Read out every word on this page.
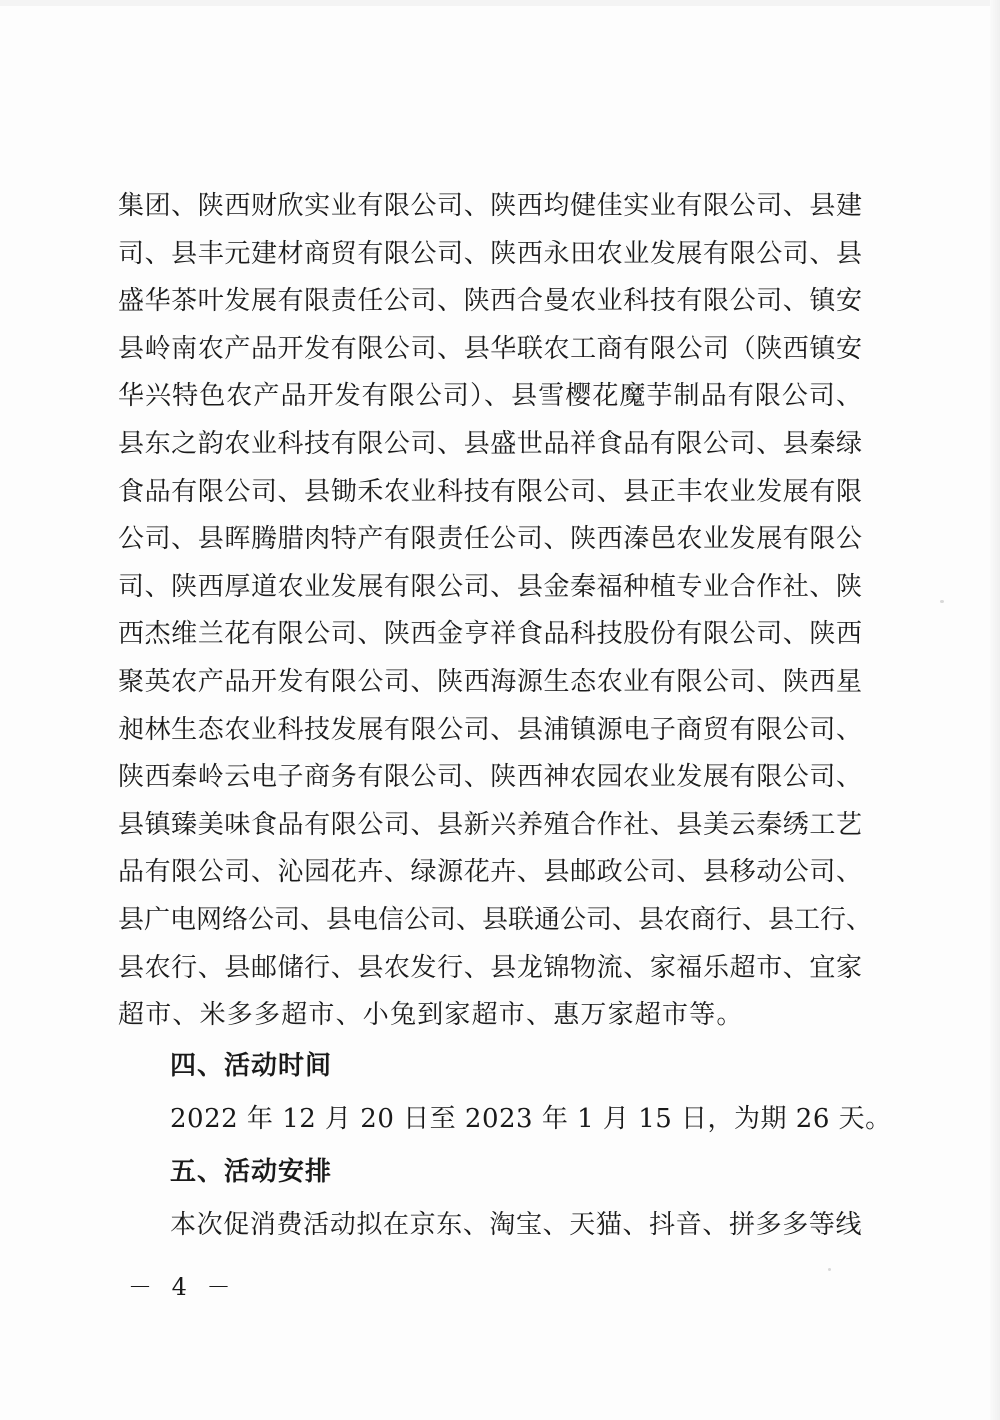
集团、陕西财欣实业有限公司、陕西均健佳实业有限公司、县建
司、县丰元建材商贸有限公司、陕西永田农业发展有限公司、县
盛华茶叶发展有限责任公司、陕西合曼农业科技有限公司、镇安
县岭南农产品开发有限公司、县华联农工商有限公司（陕西镇安
华兴特色农产品开发有限公司）、县雪樱花魔芋制品有限公司、
县东之韵农业科技有限公司、县盛世品祥食品有限公司、县秦绿
食品有限公司、县锄禾农业科技有限公司、县正丰农业发展有限
公司、县晖腾腊肉特产有限责任公司、陕西溱邑农业发展有限公
司、陕西厚道农业发展有限公司、县金秦福种植专业合作社、陕
西杰维兰花有限公司、陕西金亨祥食品科技股份有限公司、陕西
聚英农产品开发有限公司、陕西海源生态农业有限公司、陕西星
昶林生态农业科技发展有限公司、县浦镇源电子商贸有限公司、
陕西秦岭云电子商务有限公司、陕西神农园农业发展有限公司、
县镇臻美味食品有限公司、县新兴养殖合作社、县美云秦绣工艺
品有限公司、沁园花卉、绿源花卉、县邮政公司、县移动公司、
县广电网络公司、县电信公司、县联通公司、县农商行、县工行、
县农行、县邮储行、县农发行、县龙锦物流、家福乐超市、宜家
超市、米多多超市、小兔到家超市、惠万家超市等。
四、活动时间
2022 年 12 月 20 日至 2023 年 1 月 15 日，为期 26 天。
五、活动安排
本次促消费活动拟在京东、淘宝、天猫、抖音、拼多多等线
－ 4 －
